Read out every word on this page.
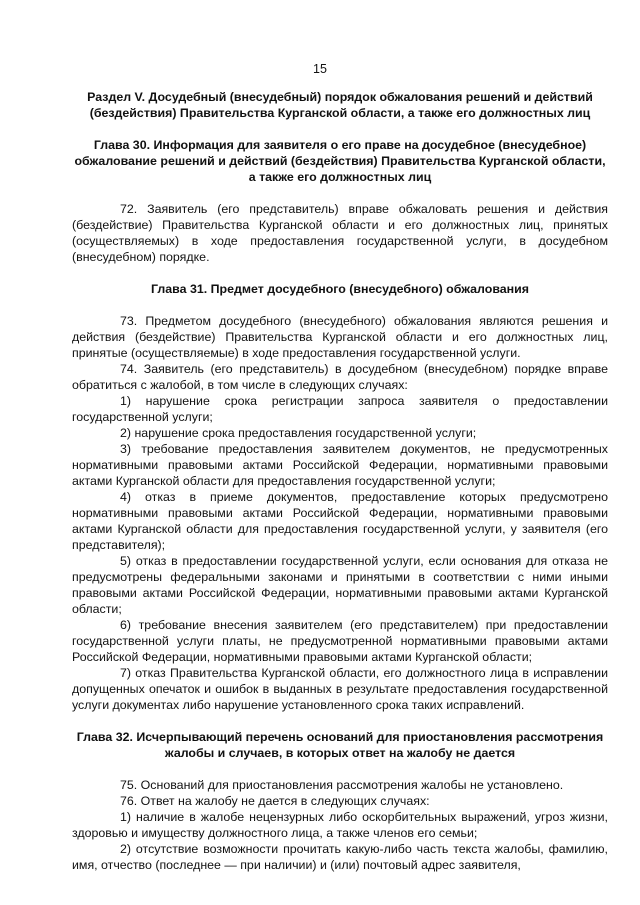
15

Раздел V. Досудебный (внесудебный) порядок обжалования решений и действий (бездействия) Правительства Курганской области, а также его должностных лиц

Глава 30. Информация для заявителя о его праве на досудебное (внесудебное) обжалование решений и действий (бездействия) Правительства Курганской области, а также его должностных лиц

72. Заявитель (его представитель) вправе обжаловать решения и действия (бездействие) Правительства Курганской области и его должностных лиц, принятых (осуществляемых) в ходе предоставления государственной услуги, в досудебном (внесудебном) порядке.

Глава 31. Предмет досудебного (внесудебного) обжалования

73. Предметом досудебного (внесудебного) обжалования являются решения и действия (бездействие) Правительства Курганской области и его должностных лиц, принятые (осуществляемые) в ходе предоставления государственной услуги.

74. Заявитель (его представитель) в досудебном (внесудебном) порядке вправе обратиться с жалобой, в том числе в следующих случаях:

1) нарушение срока регистрации запроса заявителя о предоставлении государственной услуги;

2) нарушение срока предоставления государственной услуги;

3) требование предоставления заявителем документов, не предусмотренных нормативными правовыми актами Российской Федерации, нормативными правовыми актами Курганской области для предоставления государственной услуги;

4) отказ в приеме документов, предоставление которых предусмотрено нормативными правовыми актами Российской Федерации, нормативными правовыми актами Курганской области для предоставления государственной услуги, у заявителя (его представителя);

5) отказ в предоставлении государственной услуги, если основания для отказа не предусмотрены федеральными законами и принятыми в соответствии с ними иными правовыми актами Российской Федерации, нормативными правовыми актами Курганской области;

6) требование внесения заявителем (его представителем) при предоставлении государственной услуги платы, не предусмотренной нормативными правовыми актами Российской Федерации, нормативными правовыми актами Курганской области;

7) отказ Правительства Курганской области, его должностного лица в исправлении допущенных опечаток и ошибок в выданных в результате предоставления государственной услуги документах либо нарушение установленного срока таких исправлений.

Глава 32. Исчерпывающий перечень оснований для приостановления рассмотрения жалобы и случаев, в которых ответ на жалобу не дается

75. Оснований для приостановления рассмотрения жалобы не установлено.

76. Ответ на жалобу не дается в следующих случаях:

1) наличие в жалобе нецензурных либо оскорбительных выражений, угроз жизни, здоровью и имуществу должностного лица, а также членов его семьи;

2) отсутствие возможности прочитать какую-либо часть текста жалобы, фамилию, имя, отчество (последнее — при наличии) и (или) почтовый адрес заявителя,
